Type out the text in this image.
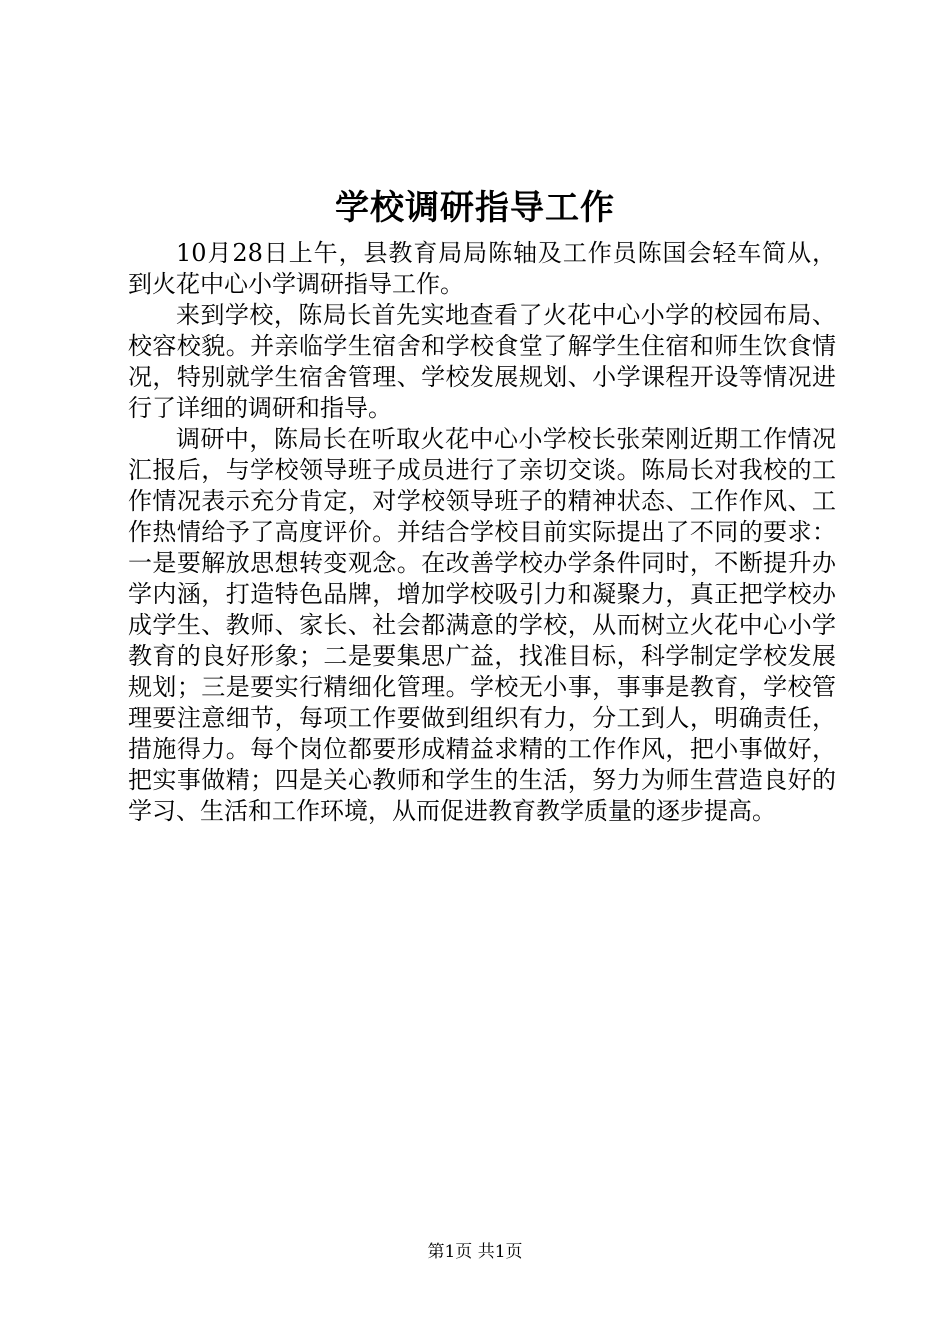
学校调研指导工作

10月28日上午，县教育局局陈轴及工作员陈国会轻车简从，到火花中心小学调研指导工作。

来到学校，陈局长首先实地查看了火花中心小学的校园布局、校容校貌。并亲临学生宿舍和学校食堂了解学生住宿和师生饮食情况，特别就学生宿舍管理、学校发展规划、小学课程开设等情况进行了详细的调研和指导。

调研中，陈局长在听取火花中心小学校长张荣刚近期工作情况汇报后，与学校领导班子成员进行了亲切交谈。陈局长对我校的工作情况表示充分肯定，对学校领导班子的精神状态、工作作风、工作热情给予了高度评价。并结合学校目前实际提出了不同的要求：一是要解放思想转变观念。在改善学校办学条件同时，不断提升办学内涵，打造特色品牌，增加学校吸引力和凝聚力，真正把学校办成学生、教师、家长、社会都满意的学校，从而树立火花中心小学教育的良好形象；二是要集思广益，找准目标，科学制定学校发展规划；三是要实行精细化管理。学校无小事，事事是教育，学校管理要注意细节，每项工作要做到组织有力，分工到人，明确责任，措施得力。每个岗位都要形成精益求精的工作作风，把小事做好，把实事做精；四是关心教师和学生的生活，努力为师生营造良好的学习、生活和工作环境，从而促进教育教学质量的逐步提高。

第1页 共1页
